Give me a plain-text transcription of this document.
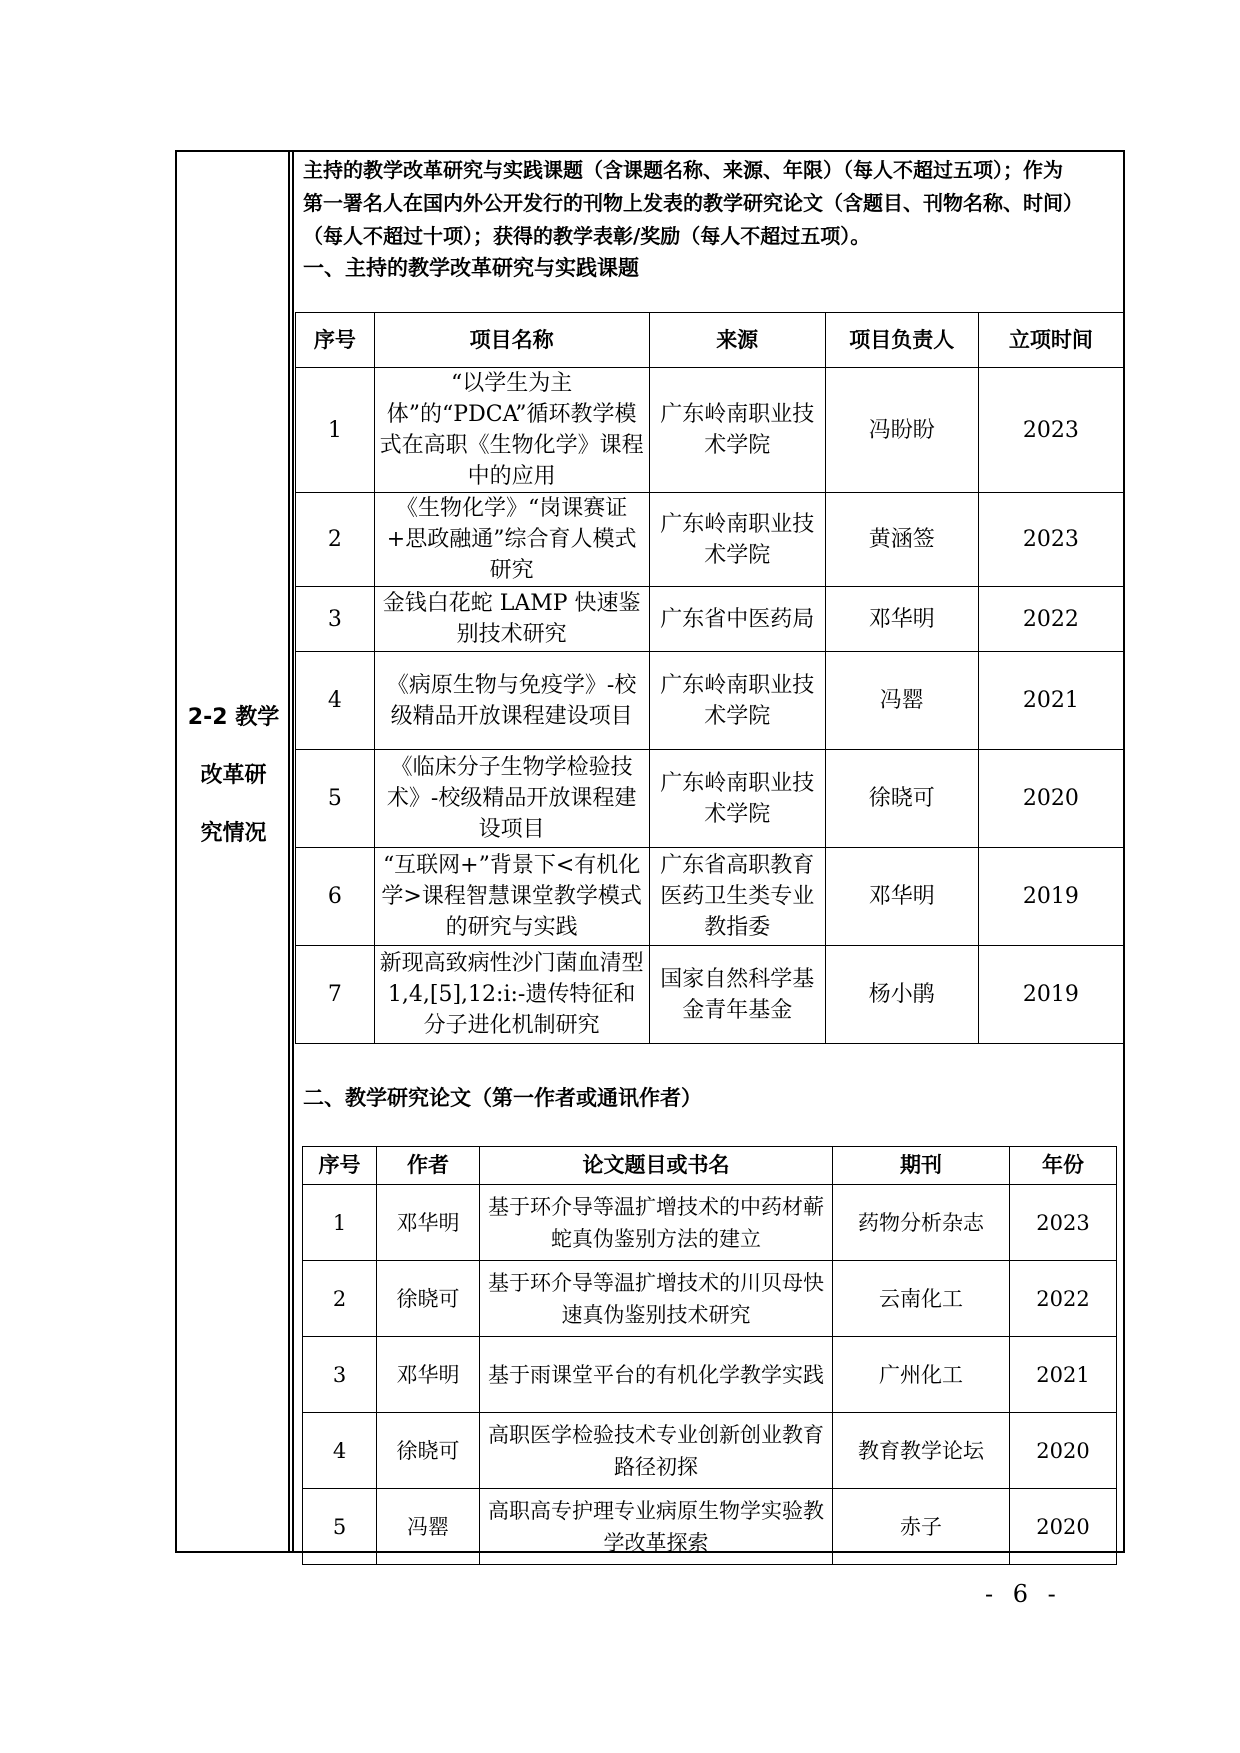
2-2 教学
改革研
究情况
主持的教学改革研究与实践课题（含课题名称、来源、年限）（每人不超过五项）；作为
第一署名人在国内外公开发行的刊物上发表的教学研究论文（含题目、刊物名称、时间）
（每人不超过十项）；获得的教学表彰/奖励（每人不超过五项）。
一、主持的教学改革研究与实践课题
序号	项目名称	来源	项目负责人	立项时间
1	“以学生为主体”的“PDCA”循环教学模式在高职《生物化学》课程中的应用	广东岭南职业技术学院	冯盼盼	2023
2	《生物化学》“岗课赛证+思政融通”综合育人模式研究	广东岭南职业技术学院	黄涵签	2023
3	金钱白花蛇 LAMP 快速鉴别技术研究	广东省中医药局	邓华明	2022
4	《病原生物与免疫学》-校级精品开放课程建设项目	广东岭南职业技术学院	冯罂	2021
5	《临床分子生物学检验技术》-校级精品开放课程建设项目	广东岭南职业技术学院	徐晓可	2020
6	“互联网+”背景下<有机化学>课程智慧课堂教学模式的研究与实践	广东省高职教育医药卫生类专业教指委	邓华明	2019
7	新现高致病性沙门菌血清型 1,4,[5],12:i:-遗传特征和分子进化机制研究	国家自然科学基金青年基金	杨小鹃	2019
二、教学研究论文（第一作者或通讯作者）
序号	作者	论文题目或书名	期刊	年份
1	邓华明	基于环介导等温扩增技术的中药材蕲蛇真伪鉴别方法的建立	药物分析杂志	2023
2	徐晓可	基于环介导等温扩增技术的川贝母快速真伪鉴别技术研究	云南化工	2022
3	邓华明	基于雨课堂平台的有机化学教学实践	广州化工	2021
4	徐晓可	高职医学检验技术专业创新创业教育路径初探	教育教学论坛	2020
5	冯罂	高职高专护理专业病原生物学实验教学改革探索	赤子	2020
- 6 -
